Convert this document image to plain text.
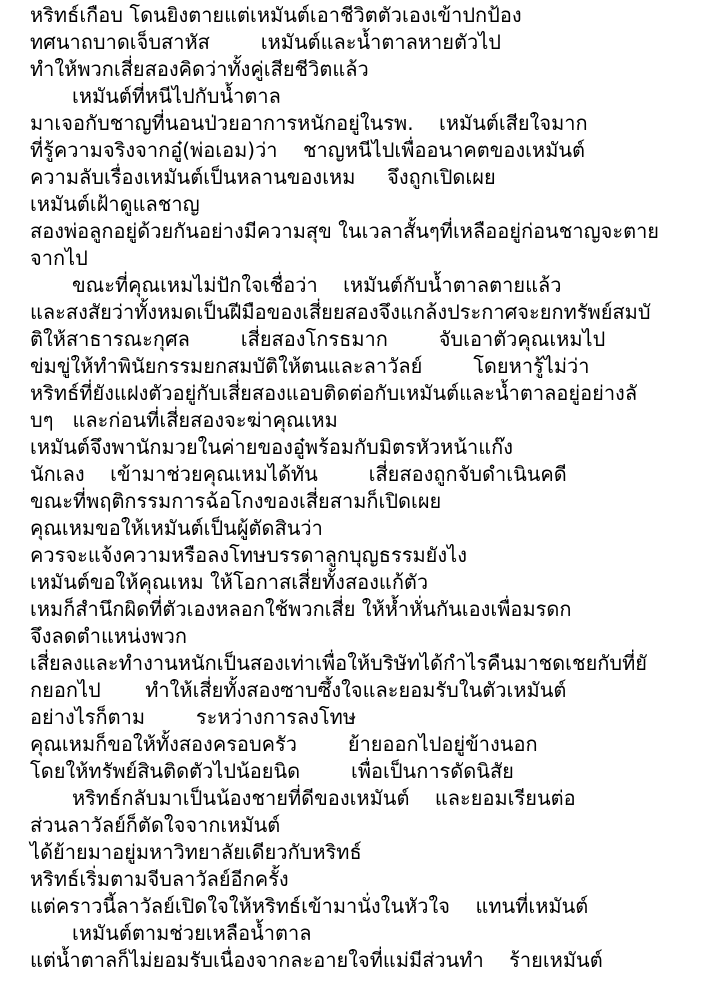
หริทธ์เกือบ โดนยิงตายแต่เหมันต์เอาชีวิตตัวเองเข้าปกป้อง

ทศนาถบาดเจ็บสาหัส        เหมันต์และน้ำตาลหายตัวไป

ทำให้พวกเสี่ยสองคิดว่าทั้งคู่เสียชีวิตแล้ว

เหมันต์ที่หนีไปกับน้ำตาล

มาเจอกับชาญที่นอนป่วยอาการหนักอยู่ในรพ.    เหมันต์เสียใจมาก

ที่รู้ความจริงจากอู๋(พ่อเอม)ว่า    ชาญหนีไปเพื่ออนาคตของเหมันต์

ความลับเรื่องเหมันต์เป็นหลานของเหม     จึงถูกเปิดเผย

เหมันต์เฝ้าดูแลชาญ

สองพ่อลูกอยู่ด้วยกันอย่างมีความสุข ในเวลาสั้นๆที่เหลืออยู่ก่อนชาญจะตาย

จากไป

ขณะที่คุณเหมไม่ปักใจเชื่อว่า    เหมันต์กับน้ำตาลตายแล้ว

และสงสัยว่าทั้งหมดเป็นฝีมือของเสี่ยยสองจึงแกล้งประกาศจะยกทรัพย์สมบั

ติให้สาธารณะกุศล        เสี่ยสองโกรธมาก        จับเอาตัวคุณเหมไป

ข่มขู่ให้ทำพินัยกรรมยกสมบัติให้ตนและลาวัลย์        โดยหารู้ไม่ว่า

หริทธ์ที่ยังแฝงตัวอยู่กับเสี่ยสองแอบติดต่อกับเหมันต์และน้ำตาลอยู่อย่างลั

บๆ   และก่อนที่เสี่ยสองจะฆ่าคุณเหม

เหมันต์จึงพานักมวยในค่ายของอู๋พร้อมกับมิตรหัวหน้าแก๊ง

นักเลง    เข้ามาช่วยคุณเหมได้ทัน        เสี่ยสองถูกจับดำเนินคดี

ขณะที่พฤติกรรมการฉ้อโกงของเสี่ยสามก็เปิดเผย

คุณเหมขอให้เหมันต์เป็นผู้ตัดสินว่า

ควรจะแจ้งความหรือลงโทษบรรดาลูกบุญธรรมยังไง

เหมันต์ขอให้คุณเหม ให้โอกาสเสี่ยทั้งสองแก้ตัว

เหมก็สำนึกผิดที่ตัวเองหลอกใช้พวกเสี่ย ให้ห้ำหั่นกันเองเพื่อมรดก

จึงลดตำแหน่งพวก

เสี่ยลงและทำงานหนักเป็นสองเท่าเพื่อให้บริษัทได้กำไรคืนมาชดเชยกับที่ยั

กยอกไป       ทำให้เสี่ยทั้งสองซาบซึ้งใจและยอมรับในตัวเหมันต์

อย่างไรก็ตาม        ระหว่างการลงโทษ

คุณเหมก็ขอให้ทั้งสองครอบครัว        ย้ายออกไปอยู่ข้างนอก

โดยให้ทรัพย์สินติดตัวไปน้อยนิด        เพื่อเป็นการดัดนิสัย

หริทธ์กลับมาเป็นน้องชายที่ดีของเหมันต์    และยอมเรียนต่อ

ส่วนลาวัลย์ก็ตัดใจจากเหมันต์

ได้ย้ายมาอยู่มหาวิทยาลัยเดียวกับหริทธ์

หริทธ์เริ่มตามจีบลาวัลย์อีกครั้ง

แต่คราวนี้ลาวัลย์เปิดใจให้หริทธ์เข้ามานั่งในหัวใจ    แทนที่เหมันต์

เหมันต์ตามช่วยเหลือน้ำตาล

แต่น้ำตาลก็ไม่ยอมรับเนื่องจากละอายใจที่แม่มีส่วนทำ    ร้ายเหมันต์
